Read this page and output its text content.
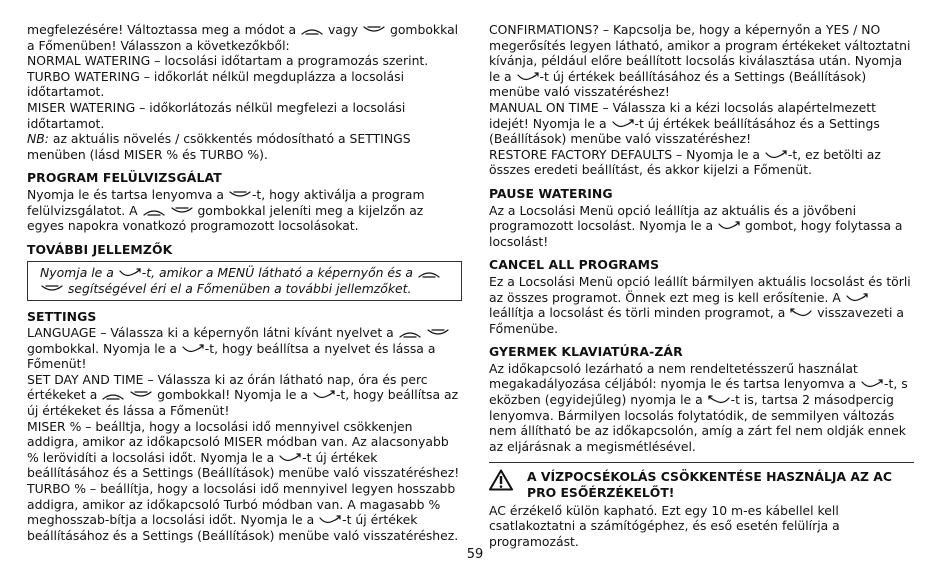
megfelezésére! Változtassa meg a módot a
vagy
gombokkal a Főmenüben! Válasszon a következőkből:

NORMAL WATERING – locsolási időtartam a programozás szerint.

TURBO WATERING – időkorlát nélkül megduplázza a locsolási időtartamot.

MISER WATERING – időkorlátozás nélkül megfelezi a locsolási időtartamot.

NB: az aktuális növelés / csökkentés módosítható a SETTINGS menüben (lásd MISER % és TURBO %).

PROGRAM FELÜLVIZSGÁLAT

Nyomja le és tartsa lenyomva a
-t, hogy aktiválja a program felülvizsgálatot. A
	gombokkal jeleníti meg a kijelzőn az egyes napokra vonatkozó programozott locsolásokat.

TOVÁBBI JELLEMZŐK
Nyomja le a
-t, amikor a MENÜ látható a képernyőn és a

segítségével éri el a Főmenüben a további jellemzőket.
SETTINGS

LANGUAGE – Válassza ki a képernyőn látni kívánt nyelvet a

gombokkal. Nyomja le a
-t, hogy beállítsa a nyelvet és lássa a Főmenüt!

SET DAY AND TIME – Válassza ki az órán látható nap, óra és perc értékeket a
	gombokkal! Nyomja le a
-t, hogy beállítsa az új értékeket és lássa a Főmenüt!

MISER % – beálltja, hogy a locsolási idő mennyivel csökkenjen addigra, amikor az időkapcsoló MISER módban van. Az alacsonyabb % lerövidíti a locsolási időt. Nyomja le a
-t új értékek beállításához és a Settings (Beállítások) menübe való visszatéréshez!

TURBO % – beállítja, hogy a locsolási idő mennyivel legyen hosszabb addigra, amikor az időkapcsoló Turbó módban van. A magasabb % meghosszab-bítja a locsolási időt. Nyomja le a
-t új értékek beállításához és a Settings (Beállítások) menübe való visszatéréshez.

CONFIRMATIONS? – Kapcsolja be, hogy a képernyőn a YES / NO megerősítés legyen látható, amikor a program értékeket változtatni kívánja, például előre beállított locsolás kiválasztása után. Nyomja le a
-t új értékek beállításához és a Settings (Beállítások) menübe való visszatéréshez!

MANUAL ON TIME – Válassza ki a kézi locsolás alapértelmezett idejét! Nyomja le a
-t új értékek beállításához és a Settings (Beállítások) menübe való visszatéréshez!

RESTORE FACTORY DEFAULTS – Nyomja le a
-t, ez betölti az összes eredeti beállítást, és akkor kijelzi a Főmenüt.

PAUSE WATERING

Az a Locsolási Menü opció leállítja az aktuális és a jövőbeni programozott locsolást. Nyomja le a
gombot, hogy folytassa a locsolást!

CANCEL ALL PROGRAMS

Ez a Locsolási Menü opció leállít bármilyen aktuális locsolást és törli az összes programot. Önnek ezt meg is kell erősítenie. A
leállítja a locsolást és törli minden programot, a
visszavezeti a Főmenübe.

GYERMEK KLAVIATÚRA-ZÁR

Az időkapcsoló lezárható a nem rendeltetésszerű használat megakadályozása céljából: nyomja le és tartsa lenyomva a
-t, s eközben (egyidejűleg) nyomja le a
-t is, tartsa 2 másodpercig lenyomva. Bármilyen locsolás folytatódik, de semmilyen változás nem állítható be az időkapcsolón, amíg a zárt fel nem oldják ennek az eljárásnak a megismétlésével.

A VÍZPOCSÉKOLÁS CSÖKKENTÉSE HASZNÁLJA AZ AC PRO ESŐÉRZÉKELŐT!

AC érzékelő külön kapható. Ezt egy 10 m-es kábellel kell csatlakoztatni a számítógéphez, és eső esetén felülírja a programozást.

59
